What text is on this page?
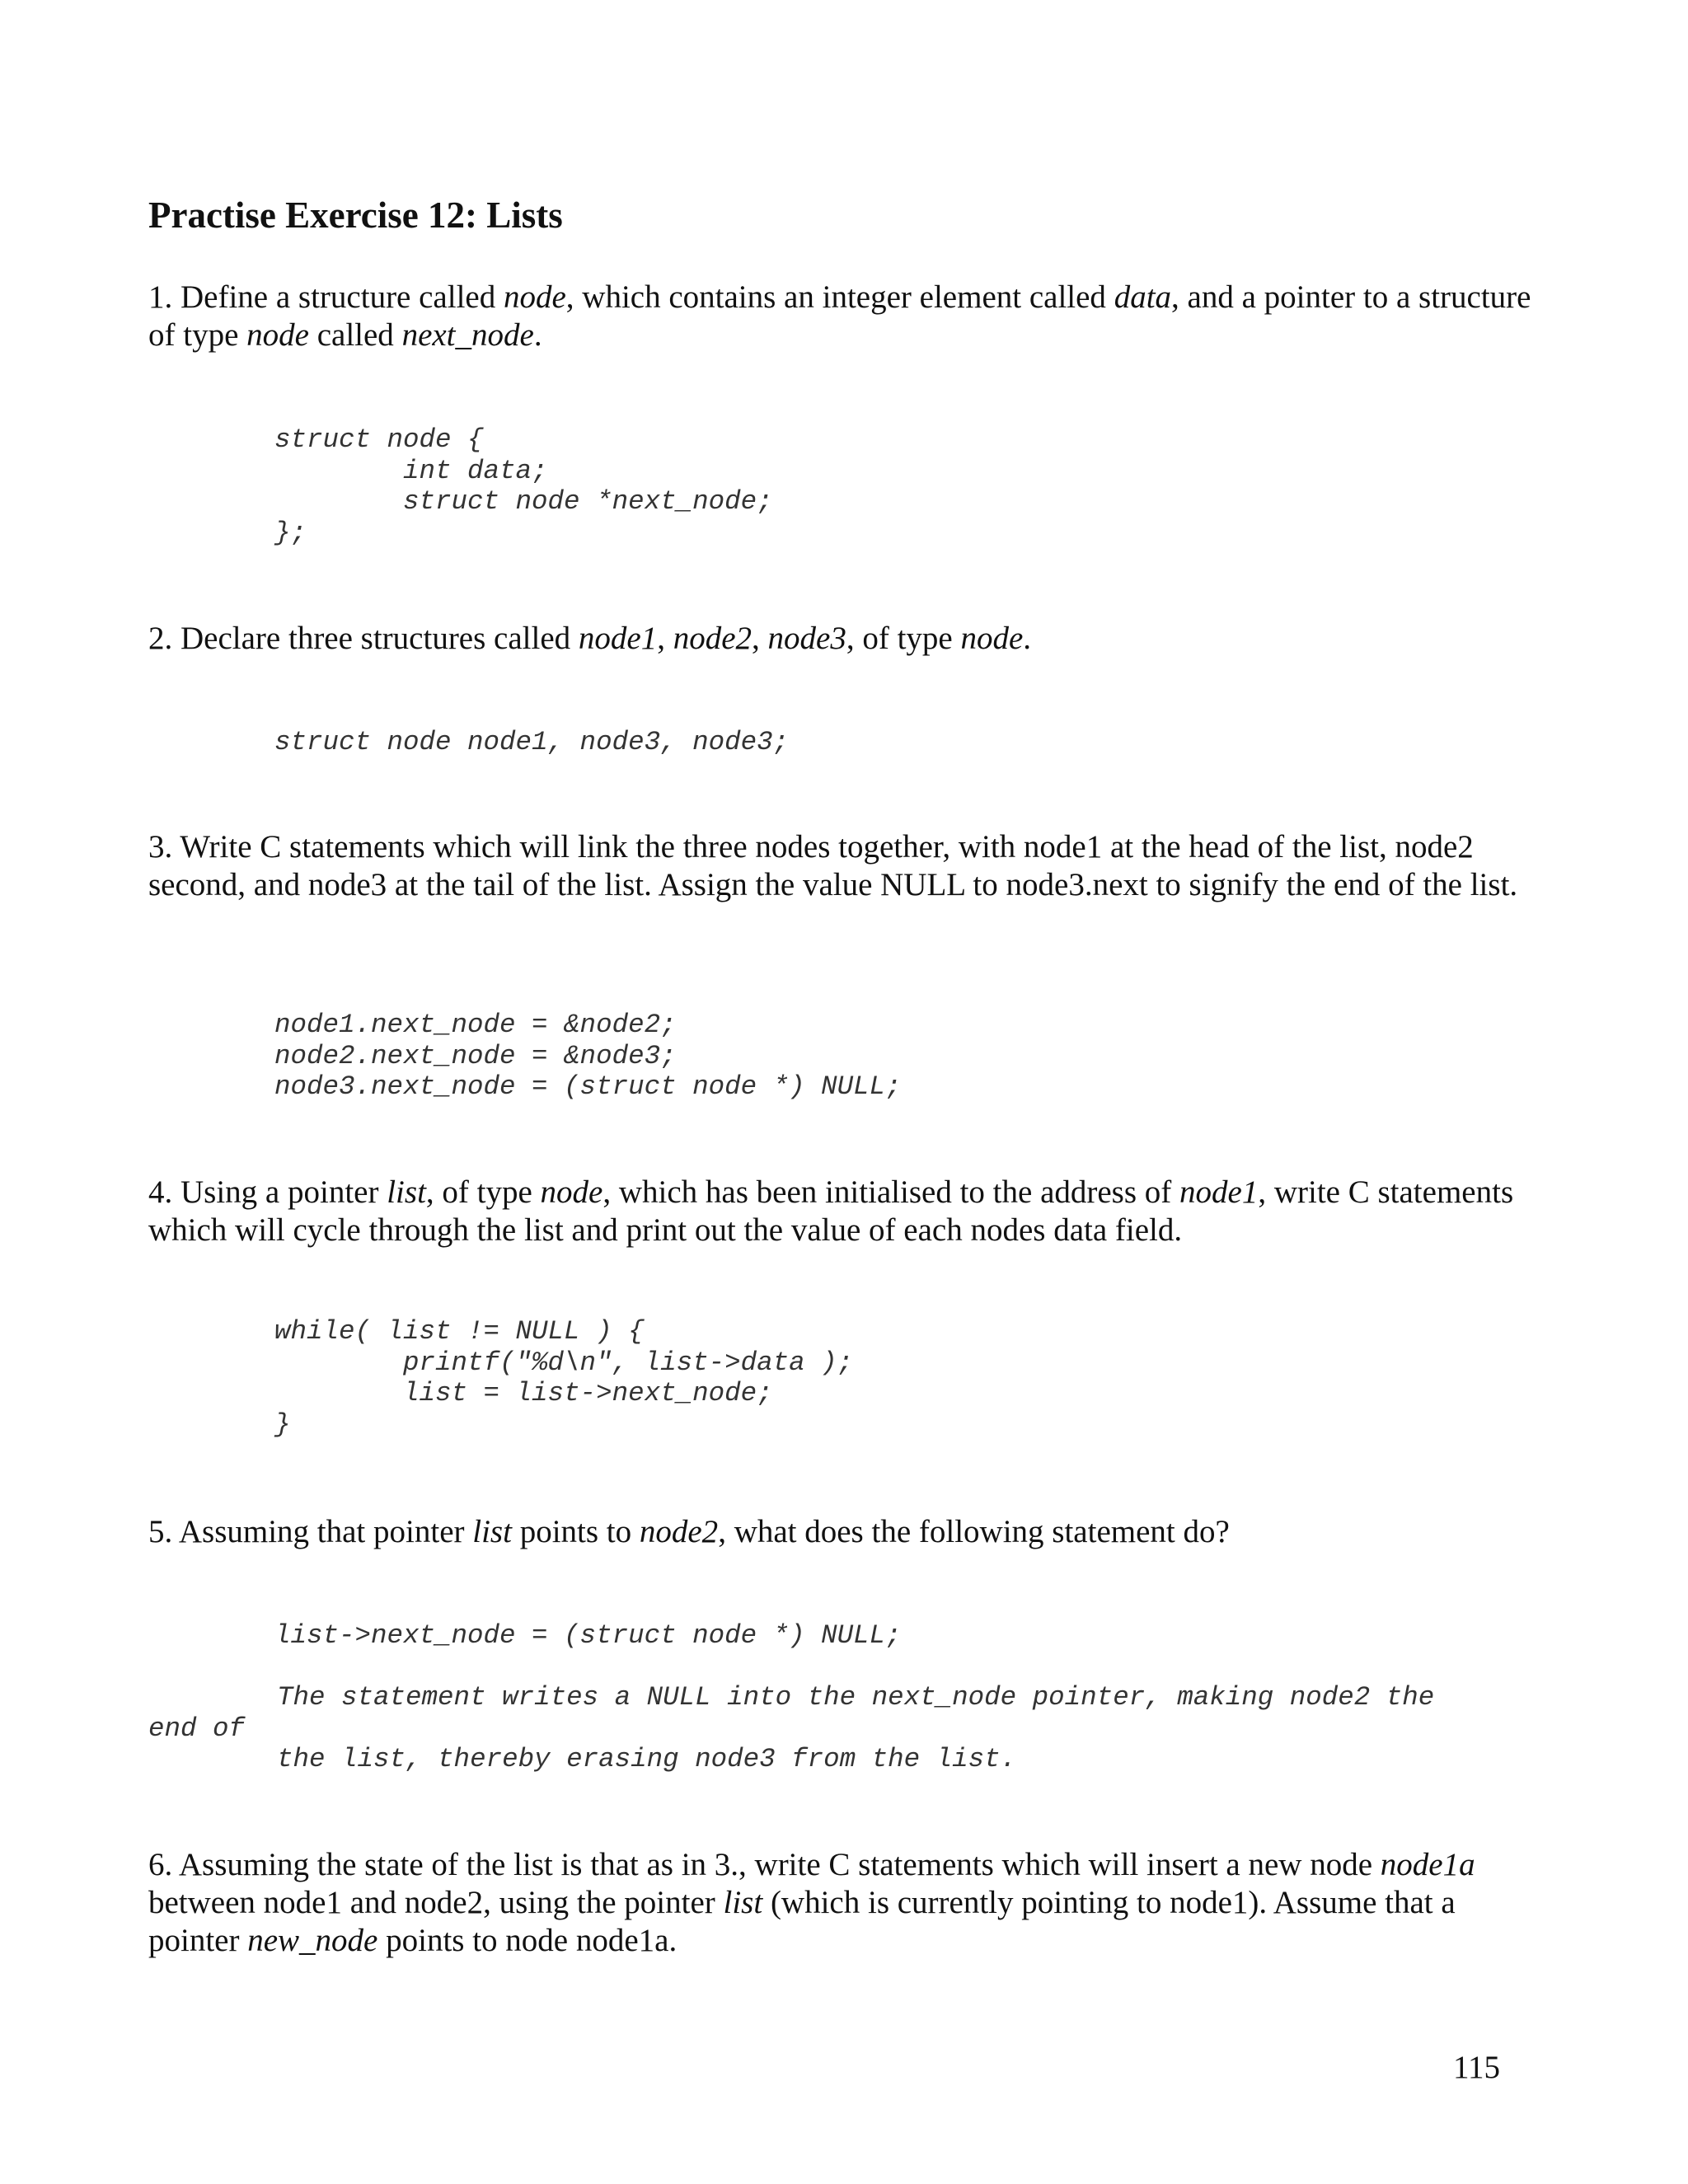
Practise Exercise 12: Lists
1. Define a structure called node, which contains an integer element called data, and a pointer to a structure of type node called next_node.
struct node {
int data;
struct node *next_node;
};
2. Declare three structures called node1, node2, node3, of type node.
struct node node1, node3, node3;
3. Write C statements which will link the three nodes together, with node1 at the head of the list, node2 second, and node3 at the tail of the list. Assign the value NULL to node3.next to signify the end of the list.
node1.next_node = &node2;
node2.next_node = &node3;
node3.next_node = (struct node *) NULL;
4. Using a pointer list, of type node, which has been initialised to the address of node1, write C statements which will cycle through the list and print out the value of each nodes data field.
while( list != NULL ) {
printf("%d\n", list->data );
list = list->next_node;
}
5. Assuming that pointer list points to node2, what does the following statement do?
list->next_node = (struct node *) NULL;
The statement writes a NULL into the next_node pointer, making node2 the
end of
the list, thereby erasing node3 from the list.
6. Assuming the state of the list is that as in 3., write C statements which will insert a new node node1a between node1 and node2, using the pointer list (which is currently pointing to node1). Assume that a pointer new_node points to node node1a.
115
